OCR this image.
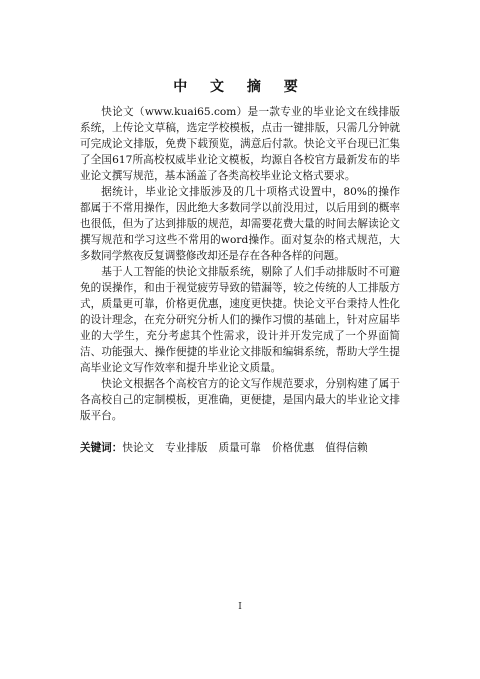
中 文 摘 要

快论文（www.kuai65.com）是一款专业的毕业论文在线排版系统，上传论文草稿，选定学校模板，点击一键排版，只需几分钟就可完成论文排版，免费下载预览，满意后付款。快论文平台现已汇集了全国617所高校权威毕业论文模板，均源自各校官方最新发布的毕业论文撰写规范，基本涵盖了各类高校毕业论文格式要求。

据统计，毕业论文排版涉及的几十项格式设置中，80%的操作都属于不常用操作，因此绝大多数同学以前没用过，以后用到的概率也很低，但为了达到排版的规范，却需要花费大量的时间去解读论文撰写规范和学习这些不常用的word操作。面对复杂的格式规范，大多数同学熬夜反复调整修改却还是存在各种各样的问题。

基于人工智能的快论文排版系统，剔除了人们手动排版时不可避免的误操作，和由于视觉疲劳导致的错漏等，较之传统的人工排版方式，质量更可靠，价格更优惠，速度更快捷。快论文平台秉持人性化的设计理念，在充分研究分析人们的操作习惯的基础上，针对应届毕业的大学生，充分考虑其个性需求，设计并开发完成了一个界面简洁、功能强大、操作便捷的毕业论文排版和编辑系统，帮助大学生提高毕业论文写作效率和提升毕业论文质量。

快论文根据各个高校官方的论文写作规范要求，分别构建了属于各高校自己的定制模板，更准确，更便捷，是国内最大的毕业论文排版平台。

关键词：快论文 专业排版 质量可靠 价格优惠 值得信赖
I
